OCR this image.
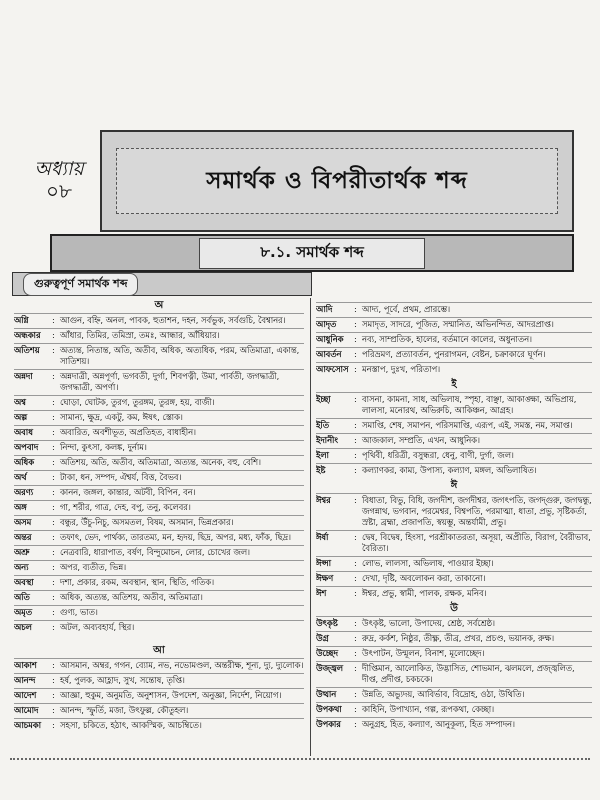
অধ্যায়
০৮	সমার্থক ও বিপরীতার্থক শব্দ
৮.১. সমার্থক শব্দ
গুরুত্বপূর্ণ সমার্থক শব্দ
অ
অগ্নি	: আগুন, বহ্নি, অনল, পাবক, হুতাশন, দহন, সর্বভুক, সর্বগুচি, বৈশ্বানর।
অন্ধকার	: আঁধার, তিমির, তমিস্রা, তমঃ, আন্ধার, আঁধিয়ার।
অতিশয়	: অত্যন্ত, নিতান্ত, অতি, অতীব, অধিক, অত্যধিক, পরম, অতিমাত্রা, একান্ত, সাতিশয়।
অন্নদা	: অন্নদাত্রী, অন্নপূর্ণা, ভগবতী, দুর্গা, শিবপত্নী, উমা, পার্বতী, জগদ্ধাত্রী, জগদ্ধাত্রী, অপর্ণা।
অশ্ব	: ঘোড়া, ঘোটক, তুরগ, তুরঙ্গম, তুরঙ্গ, হয়, বাজী।
অল্প	: সামান্য, ক্ষুদ্র, একটু, কম, ঈষৎ, স্তোক।
অবাধ	: অবারিত, অবশীভূত, অপ্রতিহত, বাধাহীন।
অপবাদ	: নিন্দা, কুৎসা, কলঙ্ক, দুর্নাম।
অধিক	: অতিশয়, অতি, অতীব, অতিমাত্রা, অত্যন্ত, অনেক, বহু, বেশি।
অর্থ	: টাকা, ধন, সম্পদ, ঐশ্বর্য, বিত্ত, বৈভব।
অরণ্য	: কানন, জঙ্গল, কান্তার, অটবী, বিপিন, বন।
অঙ্গ	: গা, শরীর, গাত্র, দেহ, বপু, তনু, কলেবর।
অসম	: বন্ধুর, উঁচু-নিচু, অসমতল, বিষম, অসমান, ভিন্নপ্রকার।
অন্তর	: তফাৎ, ভেদ, পার্থক্য, তারতম্য, মন, হৃদয়, ছিদ্র, অপর, মধ্য, ফাঁক, ছিদ্র।
অশ্রু	: নেত্রবারি, ধারাপাত, বর্ষণ, বিন্দুমোচন, লোর, চোখের জল।
অন্য	: অপর, ব্যতীত, ভিন্ন।
অবস্থা	: দশা, প্রকার, রকম, অবস্থান, স্থান, স্থিতি, গতিক।
অতি	: অধিক, অত্যন্ত, অতিশয়, অতীব, অতিমাত্রা।
অমৃত	: গুণ্য, ভাত।
অচল	: অটল, অব্যবহার্য, স্থির।
আ
আকাশ	: আসমান, অম্বর, গগন, ব্যোম, নভ, নভোমণ্ডল, অন্তরীক্ষ, শূন্য, দ্যু, দ্যুলোক।
আনন্দ	: হর্ষ, পুলক, আহ্লাদ, সুখ, সন্তোষ, তৃপ্তি।
আদেশ	: আজ্ঞা, হুকুম, অনুমতি, অনুশাসন, উপদেশ, অনুজ্ঞা, নির্দেশ, নিয়োগ।
আমোদ	: আনন্দ, স্ফুর্তি, মজা, উৎফুল্ল, কৌতুহল।
আচমকা	: সহসা, চকিতে, হঠাৎ, আকস্মিক, আচম্বিতে।
আদি	: আদ্য, পূর্বে, প্রথম, প্রারম্ভে।
আদৃত	: সমাদৃত, সাদরে, পূজিত, সম্মানিত, অভিনন্দিত, আদরপ্রাপ্ত।
আধুনিক	: নব্য, সাম্প্রতিক, হালের, বর্তমানে কালের, অধুনাতন।
আবর্তন	: পরিভ্রমণ, প্রত্যাবর্তন, পুনরাগমন, বেষ্টন, চক্রাকারে ঘূর্ণন।
আফসোস : মনস্তাপ, দুঃখ, পরিতাপ।
ই
ইচ্ছা	: বাসনা, কামনা, সাধ, অভিলাষ, স্পৃহা, বাঞ্ছা, আকাঙ্ক্ষা, অভিপ্রায়, লালসা, মনোরথ, অভিরুচি, আকিঞ্চন, আগ্রহ।
ইতি	: সমাপ্তি, শেষ, সমাপন, পরিসমাপ্তি, এরূপ, এই, সমস্ত, নম, সমাপ্ত।
ইদানীং	: আজকাল, সম্প্রতি, এখন, আধুনিক।
ইলা	: পৃথিবী, ধরিত্রী, বসুন্ধরা, ধেনু, বাণী, দুর্গা, জল।
ইষ্ট	: কল্যাণকর, কাম্য, উপাস্য, কল্যাণ, মঙ্গল, অভিলাষিত।
ঈ
ঈশ্বর	: বিধাতা, বিভু, বিধি, জগদীশ, জগদীশ্বর, জগৎপতি, জগদ্গুরু, জগদ্বন্ধু, জগন্নাথ, ভগবান, পরমেশ্বর, বিশ্বপতি, পরমাত্মা, ধাতা, প্রভু, সৃষ্টিকর্তা, স্রষ্টা, ব্রহ্মা, প্রজাপতি, স্বয়ম্ভূ, অন্তর্যামী, প্রভু।
ঈর্ষা	: দ্বেষ, বিদ্বেষ, হিংসা, পরশ্রীকাতরতা, অসূয়া, অপ্রীতি, বিরাগ, বৈরীভাব, বৈরিতা।
ঈপ্সা	: লোভ, লালসা, অভিলাষ, পাওয়ার ইচ্ছা।
ঈক্ষণ	: দেখা, দৃষ্টি, অবলোকন করা, তাকানো।
ঈশ	: ঈশ্বর, প্রভু, স্বামী, পালক, রক্ষক, মনিব।
উ
উৎকৃষ্ট	: উৎকৃষ্ট, ভালো, উপাদেয়, শ্রেষ্ঠ, সর্বশ্রেষ্ঠ।
উগ্র	: রুদ্র, কর্কশ, নিষ্ঠুর, তীক্ষ্ণ, তীব্র, প্রখর, প্রচণ্ড, ভয়ানক, রুক্ষ।
উচ্ছেদ	: উৎপাটন, উন্মূলন, বিনাশ, মূলোচ্ছেদ।
উজ্জ্বল	: দীপ্তিমান, আলোকিত, উদ্ভাসিত, শোভমান, ঝলমলে, প্রজ্জ্বলিত, দীপ্ত, প্রদীপ্ত, চকচকে।
উত্থান	: উন্নতি, অভ্যুদয়, আবির্ভাব, বিদ্রোহ, ওঠা, উথিতি।
উপকথা	: কাহিনি, উপাখ্যান, গল্প, রূপকথা, কেচ্ছা।
উপকার	: অনুগ্রহ, হিত, কল্যাণ, আনুকূল্য, হিত সম্পাদন।
